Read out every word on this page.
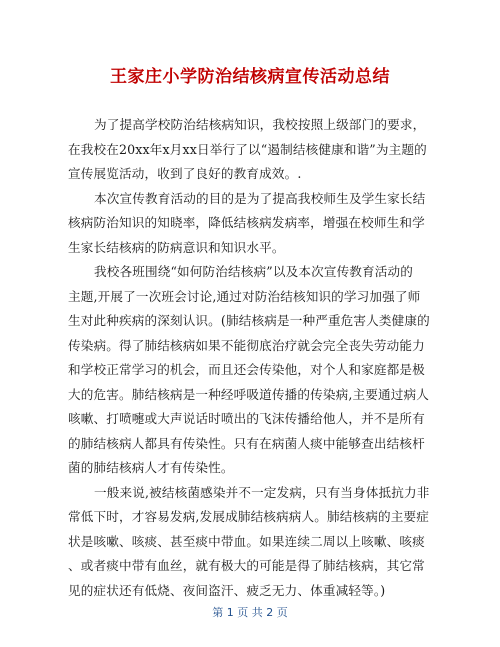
王家庄小学防治结核病宣传活动总结
为了提高学校防治结核病知识，我校按照上级部门的要求，
在我校在20xx年x月xx日举行了以“遏制结核健康和谐”为主题的
宣传展览活动，收到了良好的教育成效。.
本次宣传教育活动的目的是为了提高我校师生及学生家长结
核病防治知识的知晓率，降低结核病发病率，增强在校师生和学
生家长结核病的防病意识和知识水平。
我校各班围绕“如何防治结核病”以及本次宣传教育活动的
主题,开展了一次班会讨论,通过对防治结核知识的学习加强了师
生对此种疾病的深刻认识。(肺结核病是一种严重危害人类健康的
传染病。得了肺结核病如果不能彻底治疗就会完全丧失劳动能力
和学校正常学习的机会，而且还会传染他，对个人和家庭都是极
大的危害。肺结核病是一种经呼吸道传播的传染病,主要通过病人
咳嗽、打喷嚏或大声说话时喷出的飞沫传播给他人，并不是所有
的肺结核病人都具有传染性。只有在病菌人痰中能够查出结核杆
菌的肺结核病人才有传染性。
一般来说,被结核菌感染并不一定发病，只有当身体抵抗力非
常低下时，才容易发病,发展成肺结核病病人。肺结核病的主要症
状是咳嗽、咳痰、甚至痰中带血。如果连续二周以上咳嗽、咳痰
、或者痰中带有血丝，就有极大的可能是得了肺结核病，其它常
见的症状还有低烧、夜间盗汗、疲乏无力、体重减轻等。)
第 1 页 共 2 页
